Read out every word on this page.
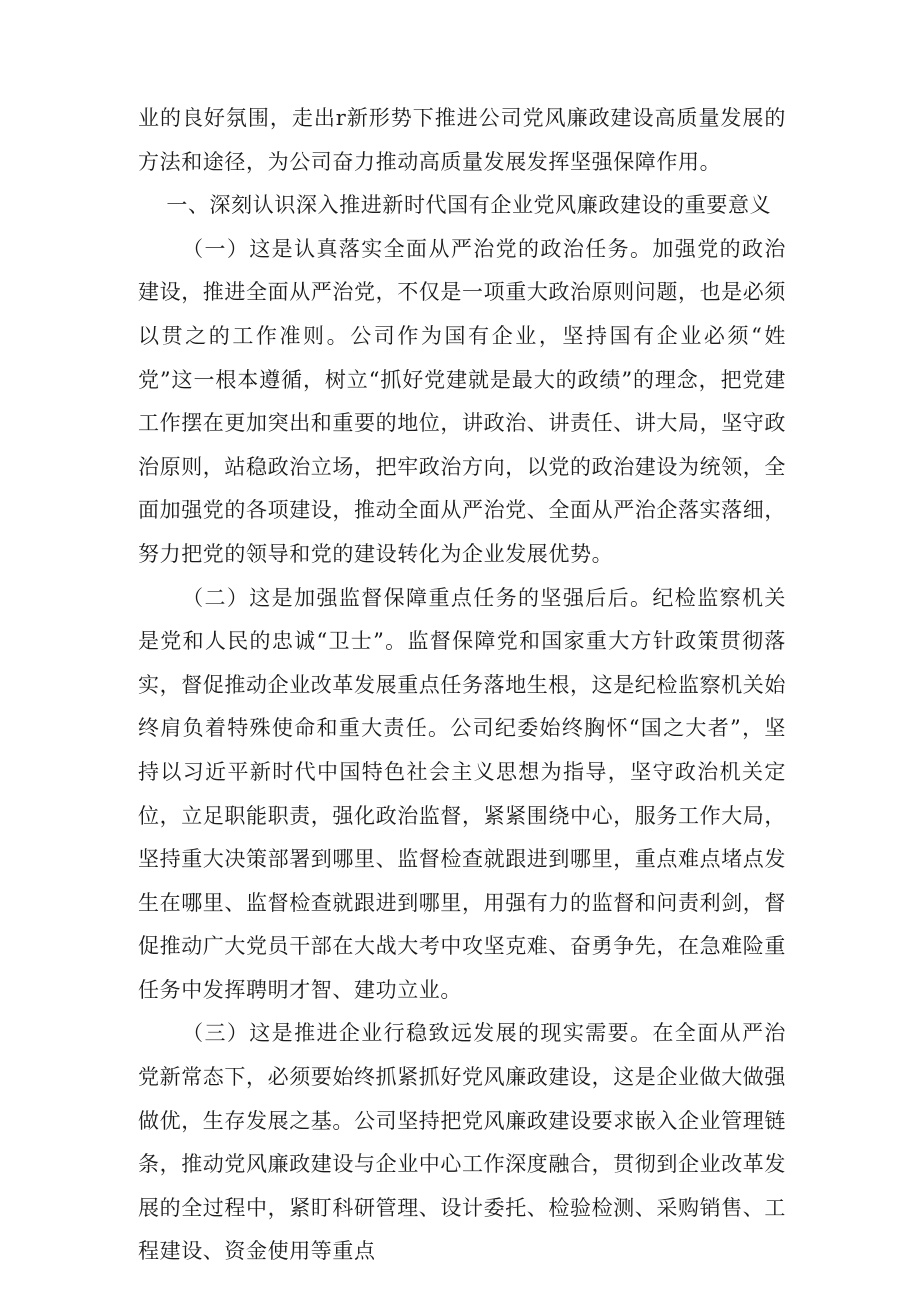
业的良好氛围，走出r新形势下推进公司党风廉政建设高质量发展的方法和途径，为公司奋力推动高质量发展发挥坚强保障作用。

一、深刻认识深入推进新时代国有企业党风廉政建设的重要意义

（一）这是认真落实全面从严治党的政治任务。加强党的政治建设，推进全面从严治党，不仅是一项重大政治原则问题，也是必须以贯之的工作准则。公司作为国有企业，坚持国有企业必须“姓党”这一根本遵循，树立“抓好党建就是最大的政绩”的理念，把党建工作摆在更加突出和重要的地位，讲政治、讲责任、讲大局，坚守政治原则，站稳政治立场，把牢政治方向，以党的政治建设为统领，全面加强党的各项建设，推动全面从严治党、全面从严治企落实落细，努力把党的领导和党的建设转化为企业发展优势。

（二）这是加强监督保障重点任务的坚强后后。纪检监察机关是党和人民的忠诚“卫士”。监督保障党和国家重大方针政策贯彻落实，督促推动企业改革发展重点任务落地生根，这是纪检监察机关始终肩负着特殊使命和重大责任。公司纪委始终胸怀“国之大者”，坚持以习近平新时代中国特色社会主义思想为指导，坚守政治机关定位，立足职能职责，强化政治监督，紧紧围绕中心，服务工作大局，坚持重大决策部署到哪里、监督检查就跟进到哪里，重点难点堵点发生在哪里、监督检查就跟进到哪里，用强有力的监督和问责利剑，督促推动广大党员干部在大战大考中攻坚克难、奋勇争先，在急难险重任务中发挥聘明才智、建功立业。

（三）这是推进企业行稳致远发展的现实需要。在全面从严治党新常态下，必须要始终抓紧抓好党风廉政建设，这是企业做大做强做优，生存发展之基。公司坚持把党风廉政建设要求嵌入企业管理链条，推动党风廉政建设与企业中心工作深度融合，贯彻到企业改革发展的全过程中，紧盯科研管理、设计委托、检验检测、采购销售、工程建设、资金使用等重点
